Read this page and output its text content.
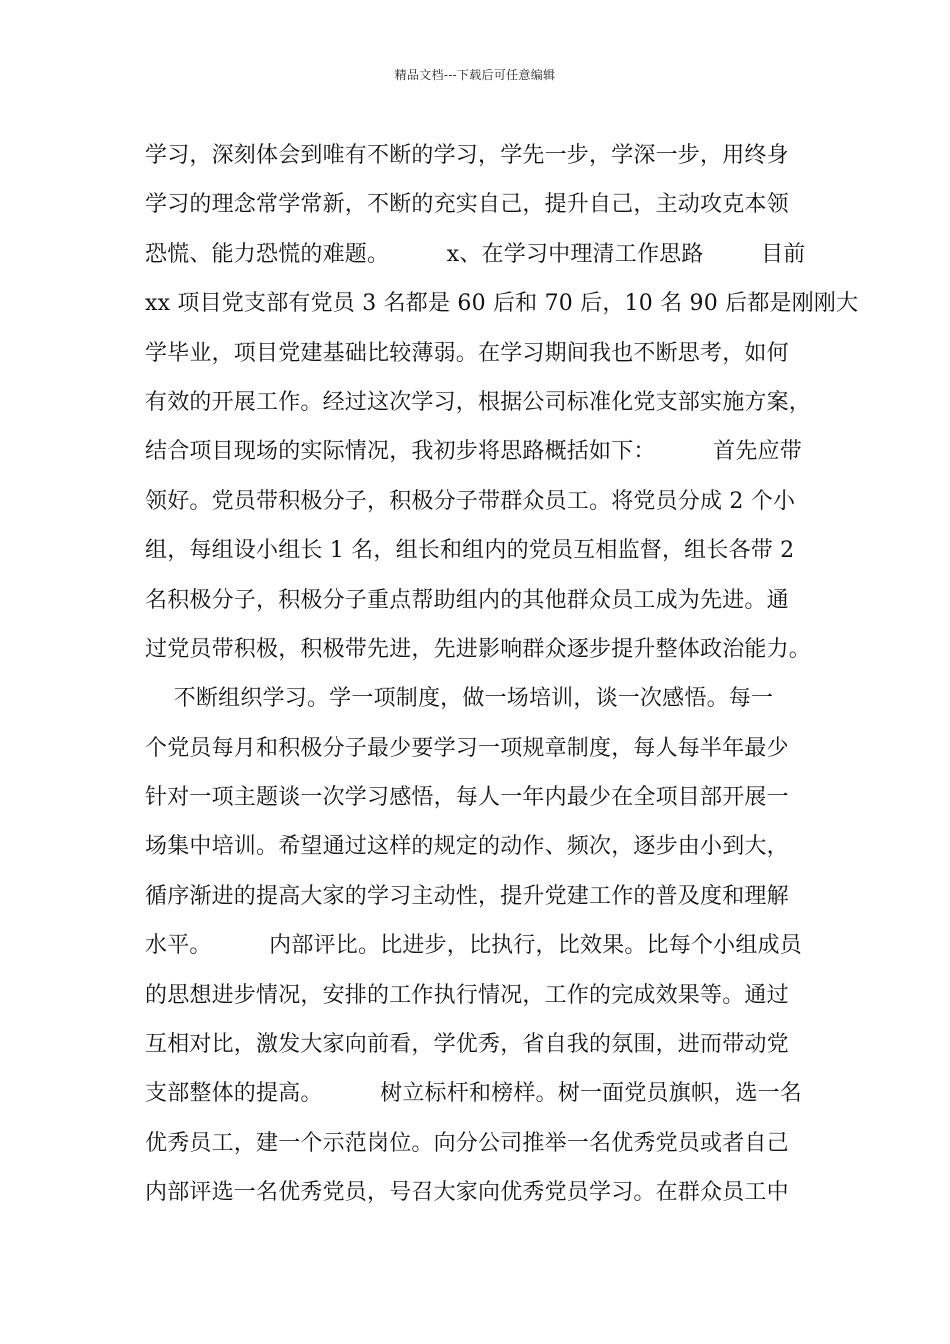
精品文档---下载后可任意编辑
学习，深刻体会到唯有不断的学习，学先一步，学深一步，用终身
学习的理念常学常新，不断的充实自己，提升自己，主动攻克本领
恐慌、能力恐慌的难题。        x、在学习中理清工作思路        目前
xx 项目党支部有党员 3 名都是 60 后和 70 后，10 名 90 后都是刚刚大
学毕业，项目党建基础比较薄弱。在学习期间我也不断思考，如何
有效的开展工作。经过这次学习，根据公司标准化党支部实施方案，
结合项目现场的实际情况，我初步将思路概括如下：        首先应带
领好。党员带积极分子，积极分子带群众员工。将党员分成 2 个小
组，每组设小组长 1 名，组长和组内的党员互相监督，组长各带 2
名积极分子，积极分子重点帮助组内的其他群众员工成为先进。通
过党员带积极，积极带先进，先进影响群众逐步提升整体政治能力。
不断组织学习。学一项制度，做一场培训，谈一次感悟。每一
个党员每月和积极分子最少要学习一项规章制度，每人每半年最少
针对一项主题谈一次学习感悟，每人一年内最少在全项目部开展一
场集中培训。希望通过这样的规定的动作、频次，逐步由小到大，
循序渐进的提高大家的学习主动性，提升党建工作的普及度和理解
水平。        内部评比。比进步，比执行，比效果。比每个小组成员
的思想进步情况，安排的工作执行情况，工作的完成效果等。通过
互相对比，激发大家向前看，学优秀，省自我的氛围，进而带动党
支部整体的提高。        树立标杆和榜样。树一面党员旗帜，选一名
优秀员工，建一个示范岗位。向分公司推举一名优秀党员或者自己
内部评选一名优秀党员，号召大家向优秀党员学习。在群众员工中
